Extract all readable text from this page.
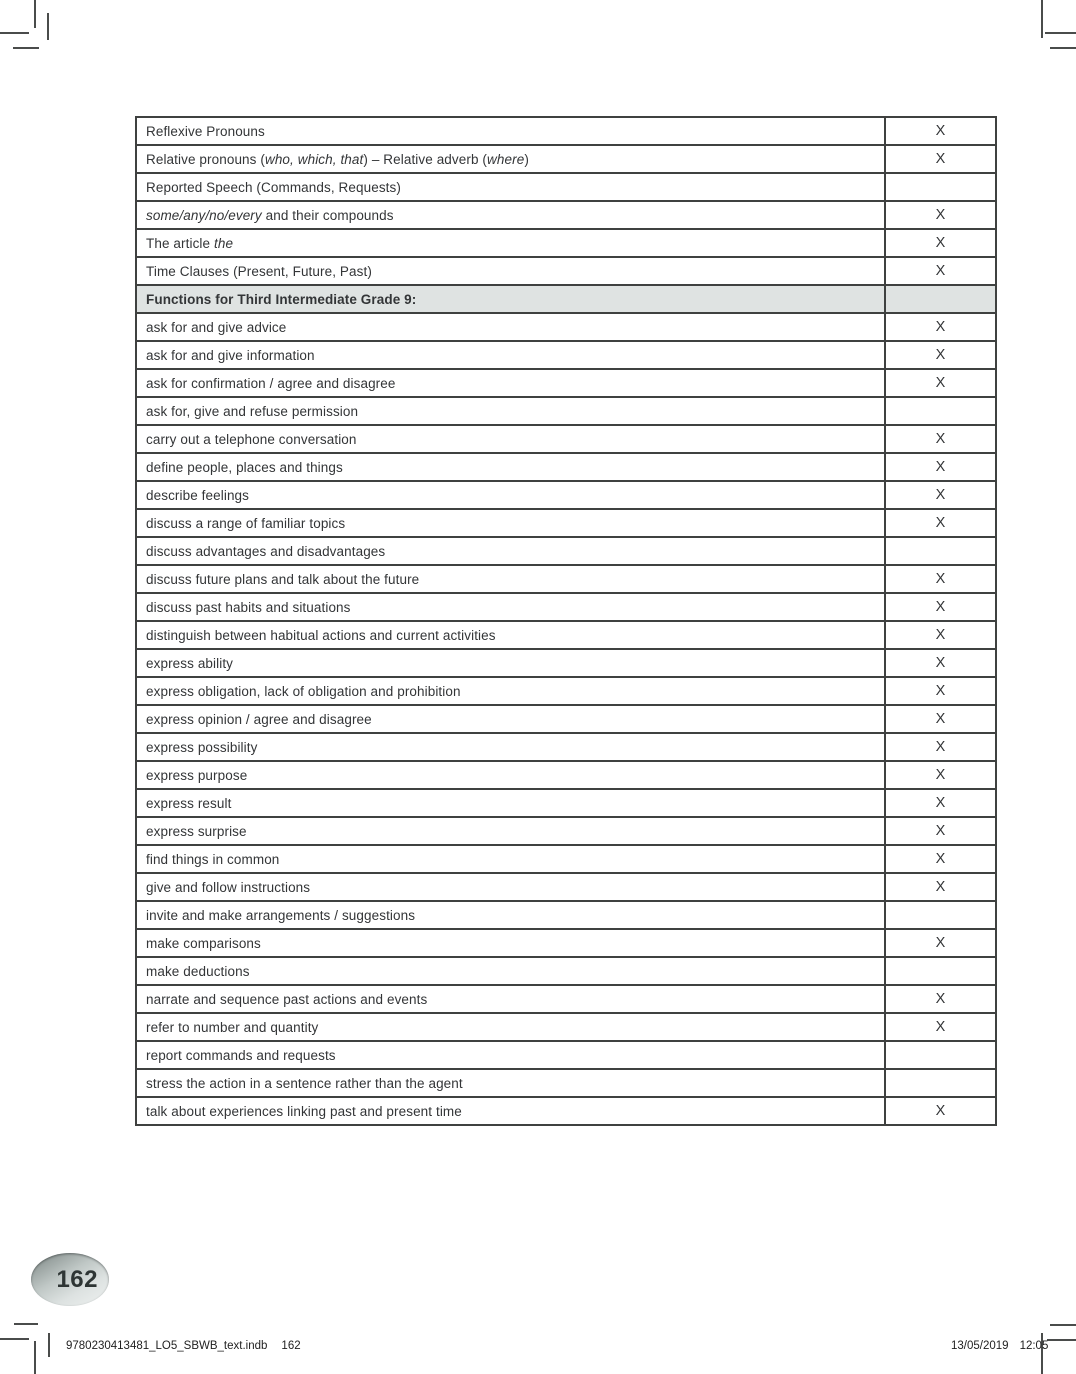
Reflexive Pronouns	X
Relative pronouns (who, which, that) – Relative adverb (where)	X
Reported Speech (Commands, Requests)	
some/any/no/every and their compounds	X
The article the	X
Time Clauses (Present, Future, Past)	X
Functions for Third Intermediate Grade 9:	
ask for and give advice	X
ask for and give information	X
ask for confirmation / agree and disagree	X
ask for, give and refuse permission	
carry out a telephone conversation	X
define people, places and things	X
describe feelings	X
discuss a range of familiar topics	X
discuss advantages and disadvantages	
discuss future plans and talk about the future	X
discuss past habits and situations	X
distinguish between habitual actions and current activities	X
express ability	X
express obligation, lack of obligation and prohibition	X
express opinion / agree and disagree	X
express possibility	X
express purpose	X
express result	X
express surprise	X
find things in common	X
give and follow instructions	X
invite and make arrangements / suggestions	
make comparisons	X
make deductions	
narrate and sequence past actions and events	X
refer to number and quantity	X
report commands and requests	
stress the action in a sentence rather than the agent	
talk about experiences linking past and present time	X
162
9780230413481_LO5_SBWB_text.indb 162	13/05/2019 12:05
